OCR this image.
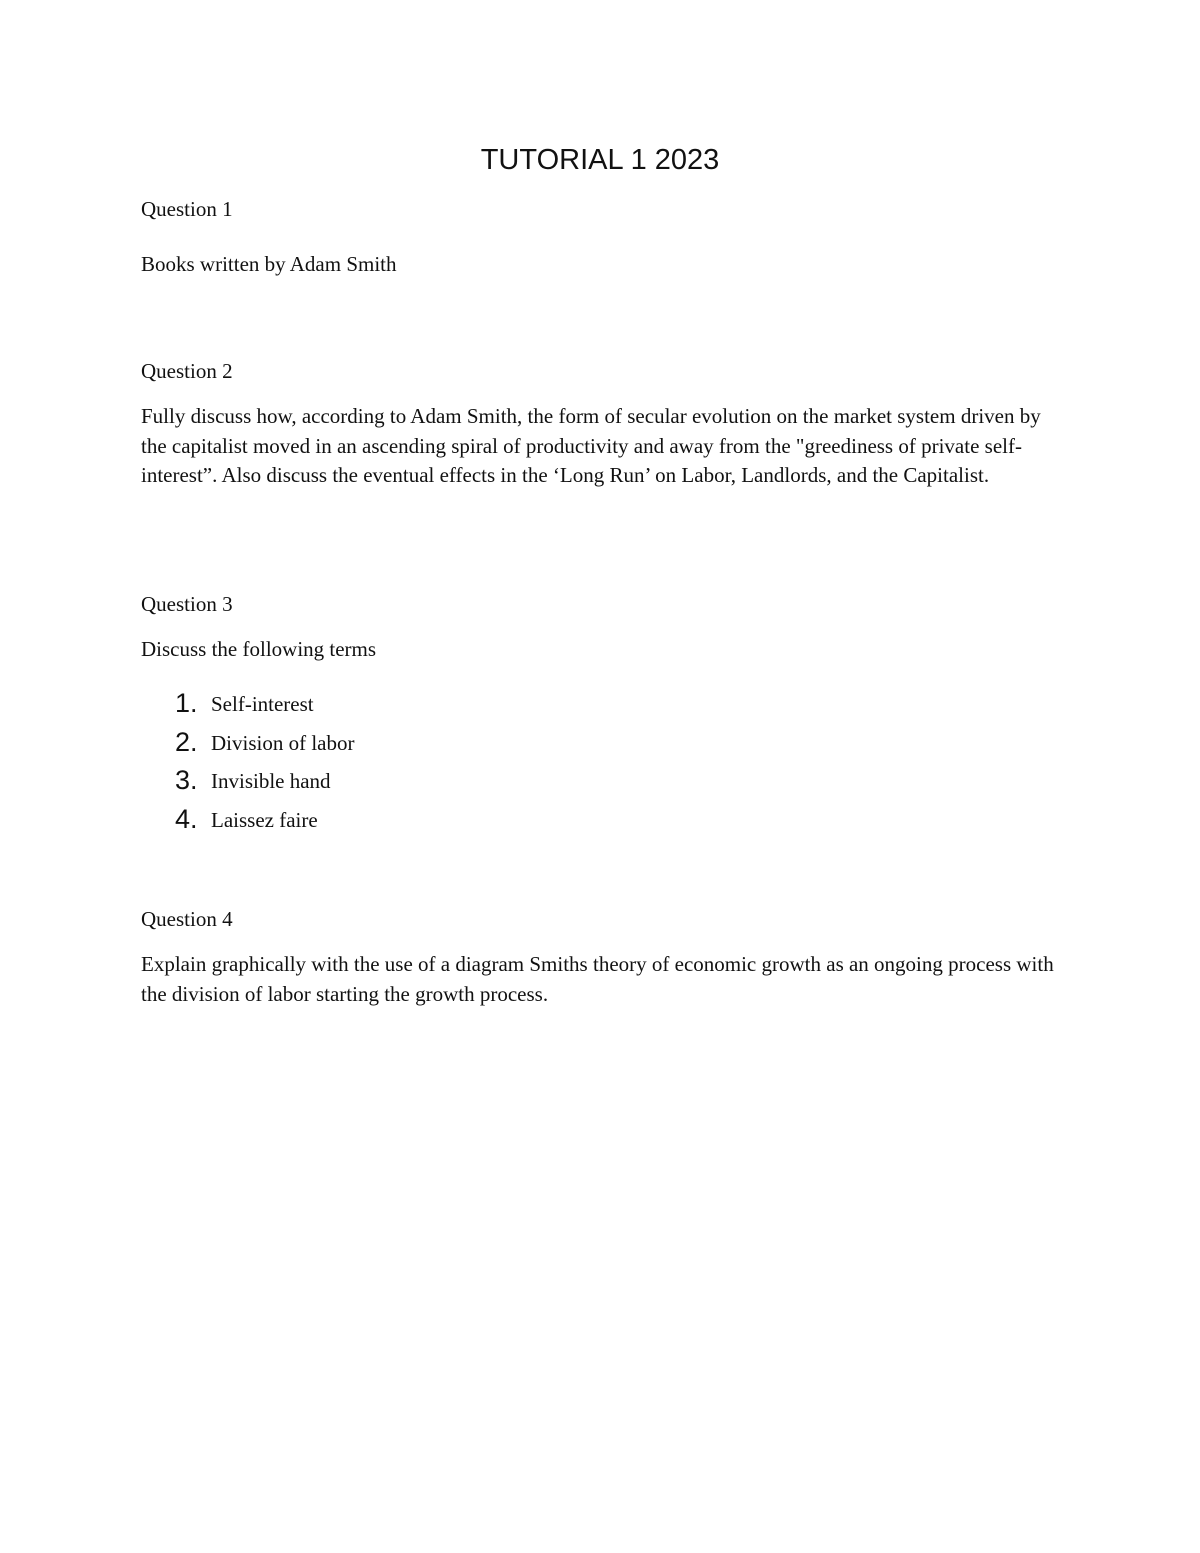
TUTORIAL 1 2023

Question 1

Books written by Adam Smith

Question 2

Fully discuss how, according to Adam Smith, the form of secular evolution on the market system driven by the capitalist moved in an ascending spiral of productivity and away from the "greediness of private self-interest”. Also discuss the eventual effects in the ‘Long Run’ on Labor, Landlords, and the Capitalist.

Question 3

Discuss the following terms

1. Self-interest
2. Division of labor
3. Invisible hand
4. Laissez faire

Question 4

Explain graphically with the use of a diagram Smiths theory of economic growth as an ongoing process with the division of labor starting the growth process.
